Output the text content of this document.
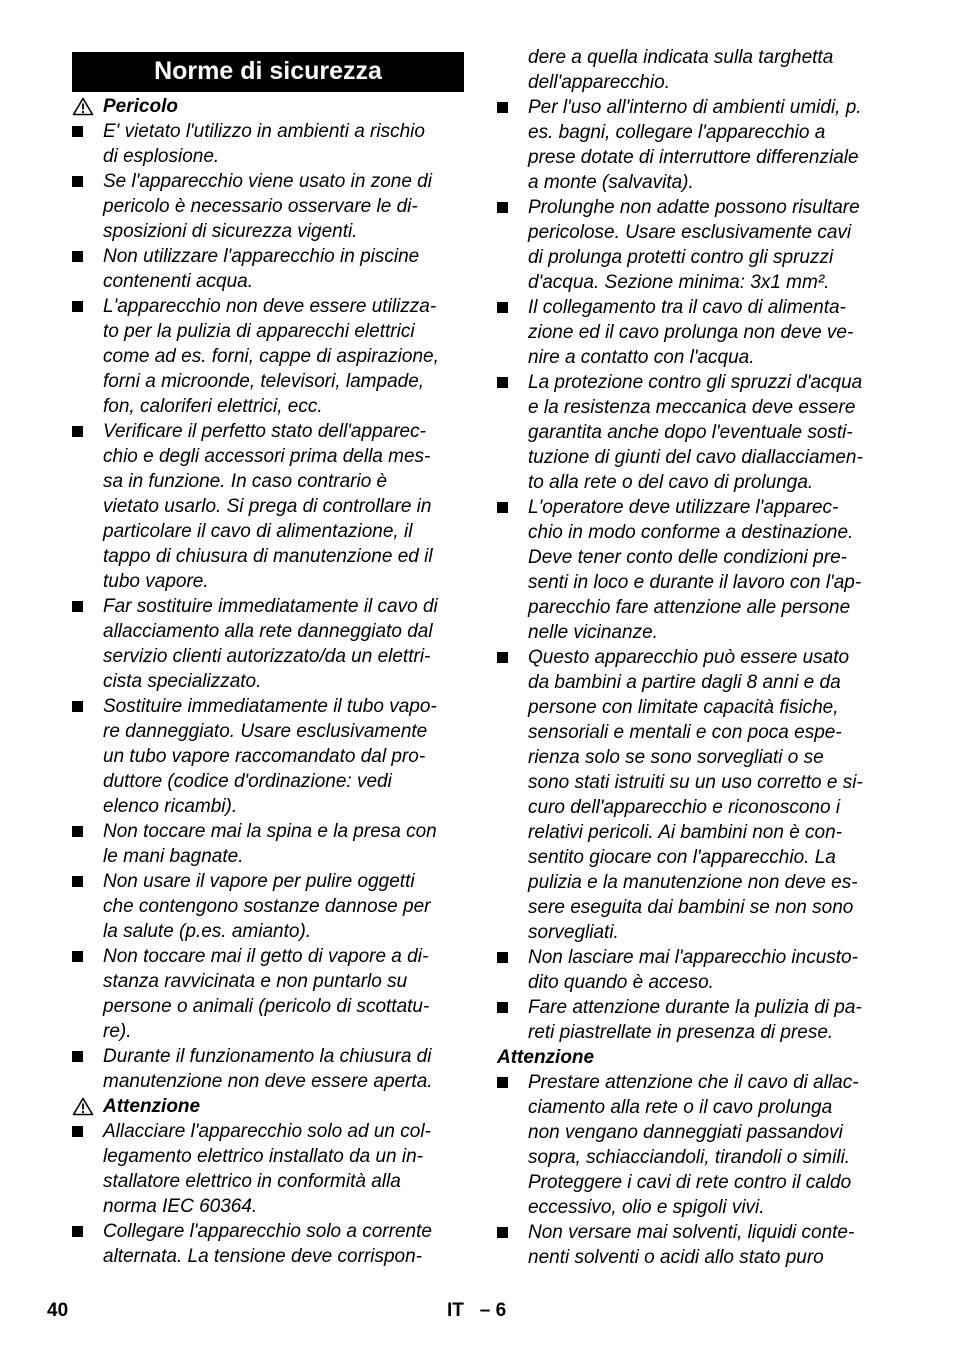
Norme di sicurezza
Pericolo
E' vietato l'utilizzo in ambienti a rischio
di esplosione.
Se l'apparecchio viene usato in zone di
pericolo è necessario osservare le di-
sposizioni di sicurezza vigenti.
Non utilizzare l'apparecchio in piscine
contenenti acqua.
L'apparecchio non deve essere utilizza-
to per la pulizia di apparecchi elettrici
come ad es. forni, cappe di aspirazione,
forni a microonde, televisori, lampade,
fon, caloriferi elettrici, ecc.
Verificare il perfetto stato dell'apparec-
chio e degli accessori prima della mes-
sa in funzione. In caso contrario è
vietato usarlo. Si prega di controllare in
particolare il cavo di alimentazione, il
tappo di chiusura di manutenzione ed il
tubo vapore.
Far sostituire immediatamente il cavo di
allacciamento alla rete danneggiato dal
servizio clienti autorizzato/da un elettri-
cista specializzato.
Sostituire immediatamente il tubo vapo-
re danneggiato. Usare esclusivamente
un tubo vapore raccomandato dal pro-
duttore (codice d'ordinazione: vedi
elenco ricambi).
Non toccare mai la spina e la presa con
le mani bagnate.
Non usare il vapore per pulire oggetti
che contengono sostanze dannose per
la salute (p.es. amianto).
Non toccare mai il getto di vapore a di-
stanza ravvicinata e non puntarlo su
persone o animali (pericolo di scottatu-
re).
Durante il funzionamento la chiusura di
manutenzione non deve essere aperta.
Attenzione
Allacciare l'apparecchio solo ad un col-
legamento elettrico installato da un in-
stallatore elettrico in conformità alla
norma IEC 60364.
Collegare l'apparecchio solo a corrente
alternata. La tensione deve corrispon-
dere a quella indicata sulla targhetta
dell'apparecchio.
Per l'uso all'interno di ambienti umidi, p.
es. bagni, collegare l'apparecchio a
prese dotate di interruttore differenziale
a monte (salvavita).
Prolunghe non adatte possono risultare
pericolose. Usare esclusivamente cavi
di prolunga protetti contro gli spruzzi
d'acqua. Sezione minima: 3x1 mm².
Il collegamento tra il cavo di alimenta-
zione ed il cavo prolunga non deve ve-
nire a contatto con l'acqua.
La protezione contro gli spruzzi d'acqua
e la resistenza meccanica deve essere
garantita anche dopo l'eventuale sosti-
tuzione di giunti del cavo diallacciamen-
to alla rete o del cavo di prolunga.
L'operatore deve utilizzare l'apparec-
chio in modo conforme a destinazione.
Deve tener conto delle condizioni pre-
senti in loco e durante il lavoro con l'ap-
parecchio fare attenzione alle persone
nelle vicinanze.
Questo apparecchio può essere usato
da bambini a partire dagli 8 anni e da
persone con limitate capacità fisiche,
sensoriali e mentali e con poca espe-
rienza solo se sono sorvegliati o se
sono stati istruiti su un uso corretto e si-
curo dell'apparecchio e riconoscono i
relativi pericoli. Ai bambini non è con-
sentito giocare con l'apparecchio. La
pulizia e la manutenzione non deve es-
sere eseguita dai bambini se non sono
sorvegliati.
Non lasciare mai l'apparecchio incusto-
dito quando è acceso.
Fare attenzione durante la pulizia di pa-
reti piastrellate in presenza di prese.
Attenzione
Prestare attenzione che il cavo di allac-
ciamento alla rete o il cavo prolunga
non vengano danneggiati passandovi
sopra, schiacciandoli, tirandoli o simili.
Proteggere i cavi di rete contro il caldo
eccessivo, olio e spigoli vivi.
Non versare mai solventi, liquidi conte-
nenti solventi o acidi allo stato puro
40	IT   – 6
